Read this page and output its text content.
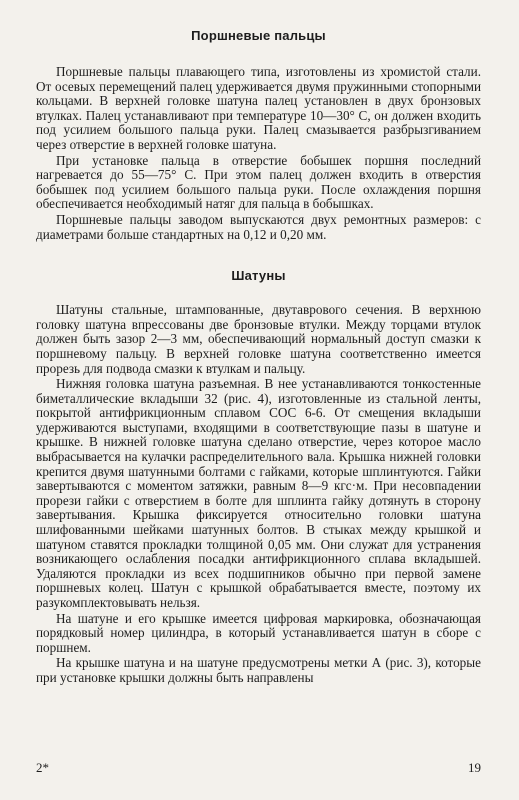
Поршневые пальцы

Поршневые пальцы плавающего типа, изготовлены из хромистой стали. От осевых перемещений палец удерживается двумя пружинными стопорными кольцами. В верхней головке шатуна палец установлен в двух бронзовых втулках. Палец устанавливают при температуре 10—30° С, он должен входить под усилием большого пальца руки. Палец смазывается разбрызгиванием через отверстие в верхней головке шатуна.

При установке пальца в отверстие бобышек поршня последний нагревается до 55—75° С. При этом палец должен входить в отверстия бобышек под усилием большого пальца руки. После охлаждения поршня обеспечивается необходимый натяг для пальца в бобышках.

Поршневые пальцы заводом выпускаются двух ремонтных размеров: с диаметрами больше стандартных на 0,12 и 0,20 мм.

Шатуны

Шатуны стальные, штампованные, двутаврового сечения. В верхнюю головку шатуна впрессованы две бронзовые втулки. Между торцами втулок должен быть зазор 2—3 мм, обеспечивающий нормальный доступ смазки к поршневому пальцу. В верхней головке шатуна соответственно имеется прорезь для подвода смазки к втулкам и пальцу.

Нижняя головка шатуна разъемная. В нее устанавливаются тонкостенные биметаллические вкладыши 32 (рис. 4), изготовленные из стальной ленты, покрытой антифрикционным сплавом СОС 6-6. От смещения вкладыши удерживаются выступами, входящими в соответствующие пазы в шатуне и крышке. В нижней головке шатуна сделано отверстие, через которое масло выбрасывается на кулачки распределительного вала. Крышка нижней головки крепится двумя шатунными болтами с гайками, которые шплинтуются. Гайки завертываются с моментом затяжки, равным 8—9 кгс·м. При несовпадении прорези гайки с отверстием в болте для шплинта гайку дотянуть в сторону завертывания. Крышка фиксируется относительно головки шатуна шлифованными шейками шатунных болтов. В стыках между крышкой и шатуном ставятся прокладки толщиной 0,05 мм. Они служат для устранения возникающего ослабления посадки антифрикционного сплава вкладышей. Удаляются прокладки из всех подшипников обычно при первой замене поршневых колец. Шатун с крышкой обрабатывается вместе, поэтому их разукомплектовывать нельзя.

На шатуне и его крышке имеется цифровая маркировка, обозначающая порядковый номер цилиндра, в который устанавливается шатун в сборе с поршнем.

На крышке шатуна и на шатуне предусмотрены метки А (рис. 3), которые при установке крышки должны быть направлены

2*	19
